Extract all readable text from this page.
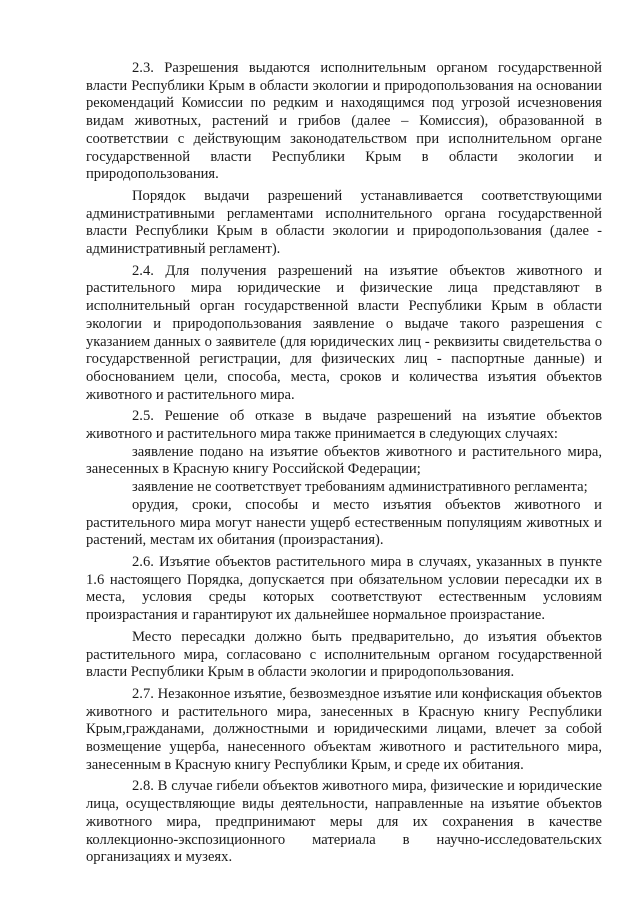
2.3. Разрешения выдаются исполнительным органом государственной власти Республики Крым в области экологии и природопользования на основании рекомендаций Комиссии по редким и находящимся под угрозой исчезновения видам животных, растений и грибов (далее – Комиссия), образованной в соответствии с действующим законодательством при исполнительном органе государственной власти Республики Крым в области экологии и природопользования.

Порядок выдачи разрешений устанавливается соответствующими административными регламентами исполнительного органа государственной власти Республики Крым в области экологии и природопользования (далее - административный регламент).

2.4. Для получения разрешений на изъятие объектов животного и растительного мира юридические и физические лица представляют в исполнительный орган государственной власти Республики Крым в области экологии и природопользования заявление о выдаче такого разрешения с указанием данных о заявителе (для юридических лиц - реквизиты свидетельства о государственной регистрации, для физических лиц - паспортные данные) и обоснованием цели, способа, места, сроков и количества изъятия объектов животного и растительного мира.

2.5. Решение об отказе в выдаче разрешений на изъятие объектов животного и растительного мира также принимается в следующих случаях:

заявление подано на изъятие объектов животного и растительного мира, занесенных в Красную книгу Российской Федерации;

заявление не соответствует требованиям административного регламента;

орудия, сроки, способы и место изъятия объектов животного и растительного мира могут нанести ущерб естественным популяциям животных и растений, местам их обитания (произрастания).

2.6. Изъятие объектов растительного мира в случаях, указанных в пункте 1.6 настоящего Порядка, допускается при обязательном условии пересадки их в места, условия среды которых соответствуют естественным условиям произрастания и гарантируют их дальнейшее нормальное произрастание.

Место пересадки должно быть предварительно, до изъятия объектов растительного мира, согласовано с исполнительным органом государственной власти Республики Крым в области экологии и природопользования.

2.7. Незаконное изъятие, безвозмездное изъятие или конфискация объектов животного и растительного мира, занесенных в Красную книгу Республики Крым,гражданами, должностными и юридическими лицами, влечет за собой возмещение ущерба, нанесенного объектам животного и растительного мира, занесенным в Красную книгу Республики Крым, и среде их обитания.

2.8. В случае гибели объектов животного мира, физические и юридические лица, осуществляющие виды деятельности, направленные на изъятие объектов животного мира, предпринимают меры для их сохранения в качестве коллекционно-экспозиционного материала в научно-исследовательских организациях и музеях.
